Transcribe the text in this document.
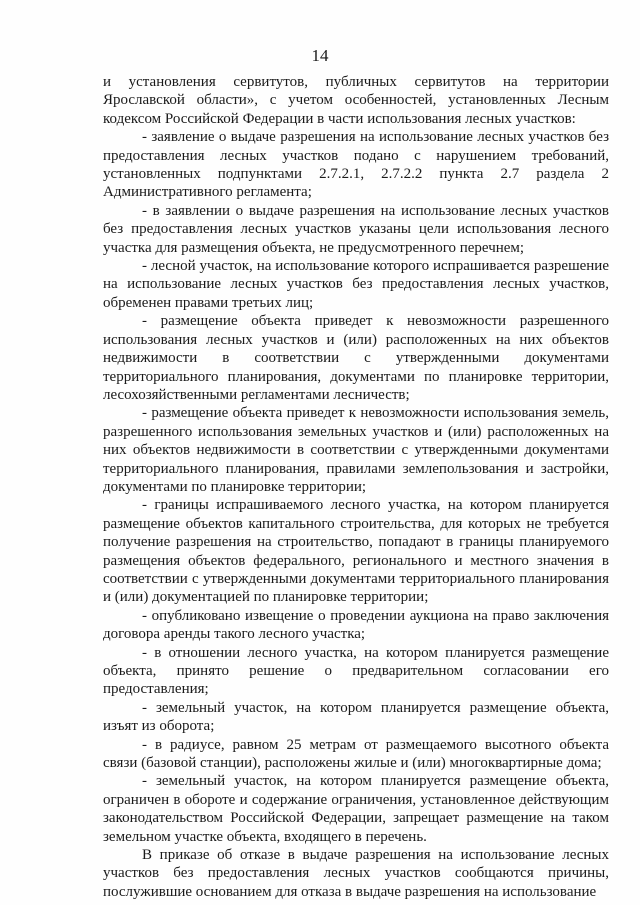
14

и установления сервитутов, публичных сервитутов на территории Ярославской области», с учетом особенностей, установленных Лесным кодексом Российской Федерации в части использования лесных участков:

- заявление о выдаче разрешения на использование лесных участков без предоставления лесных участков подано с нарушением требований, установленных подпунктами 2.7.2.1, 2.7.2.2 пункта 2.7 раздела 2 Административного регламента;

- в заявлении о выдаче разрешения на использование лесных участков без предоставления лесных участков указаны цели использования лесного участка для размещения объекта, не предусмотренного перечнем;

- лесной участок, на использование которого испрашивается разрешение на использование лесных участков без предоставления лесных участков, обременен правами третьих лиц;

- размещение объекта приведет к невозможности разрешенного использования лесных участков и (или) расположенных на них объектов недвижимости в соответствии с утвержденными документами территориального планирования, документами по планировке территории, лесохозяйственными регламентами лесничеств;

- размещение объекта приведет к невозможности использования земель, разрешенного использования земельных участков и (или) расположенных на них объектов недвижимости в соответствии с утвержденными документами территориального планирования, правилами землепользования и застройки, документами по планировке территории;

- границы испрашиваемого лесного участка, на котором планируется размещение объектов капитального строительства, для которых не требуется получение разрешения на строительство, попадают в границы планируемого размещения объектов федерального, регионального и местного значения в соответствии с утвержденными документами территориального планирования и (или) документацией по планировке территории;

- опубликовано извещение о проведении аукциона на право заключения договора аренды такого лесного участка;

- в отношении лесного участка, на котором планируется размещение объекта, принято решение о предварительном согласовании его предоставления;

- земельный участок, на котором планируется размещение объекта, изъят из оборота;

- в радиусе, равном 25 метрам от размещаемого высотного объекта связи (базовой станции), расположены жилые и (или) многоквартирные дома;

- земельный участок, на котором планируется размещение объекта, ограничен в обороте и содержание ограничения, установленное действующим законодательством Российской Федерации, запрещает размещение на таком земельном участке объекта, входящего в перечень.

В приказе об отказе в выдаче разрешения на использование лесных участков без предоставления лесных участков сообщаются причины, послужившие основанием для отказа в выдаче разрешения на использование
